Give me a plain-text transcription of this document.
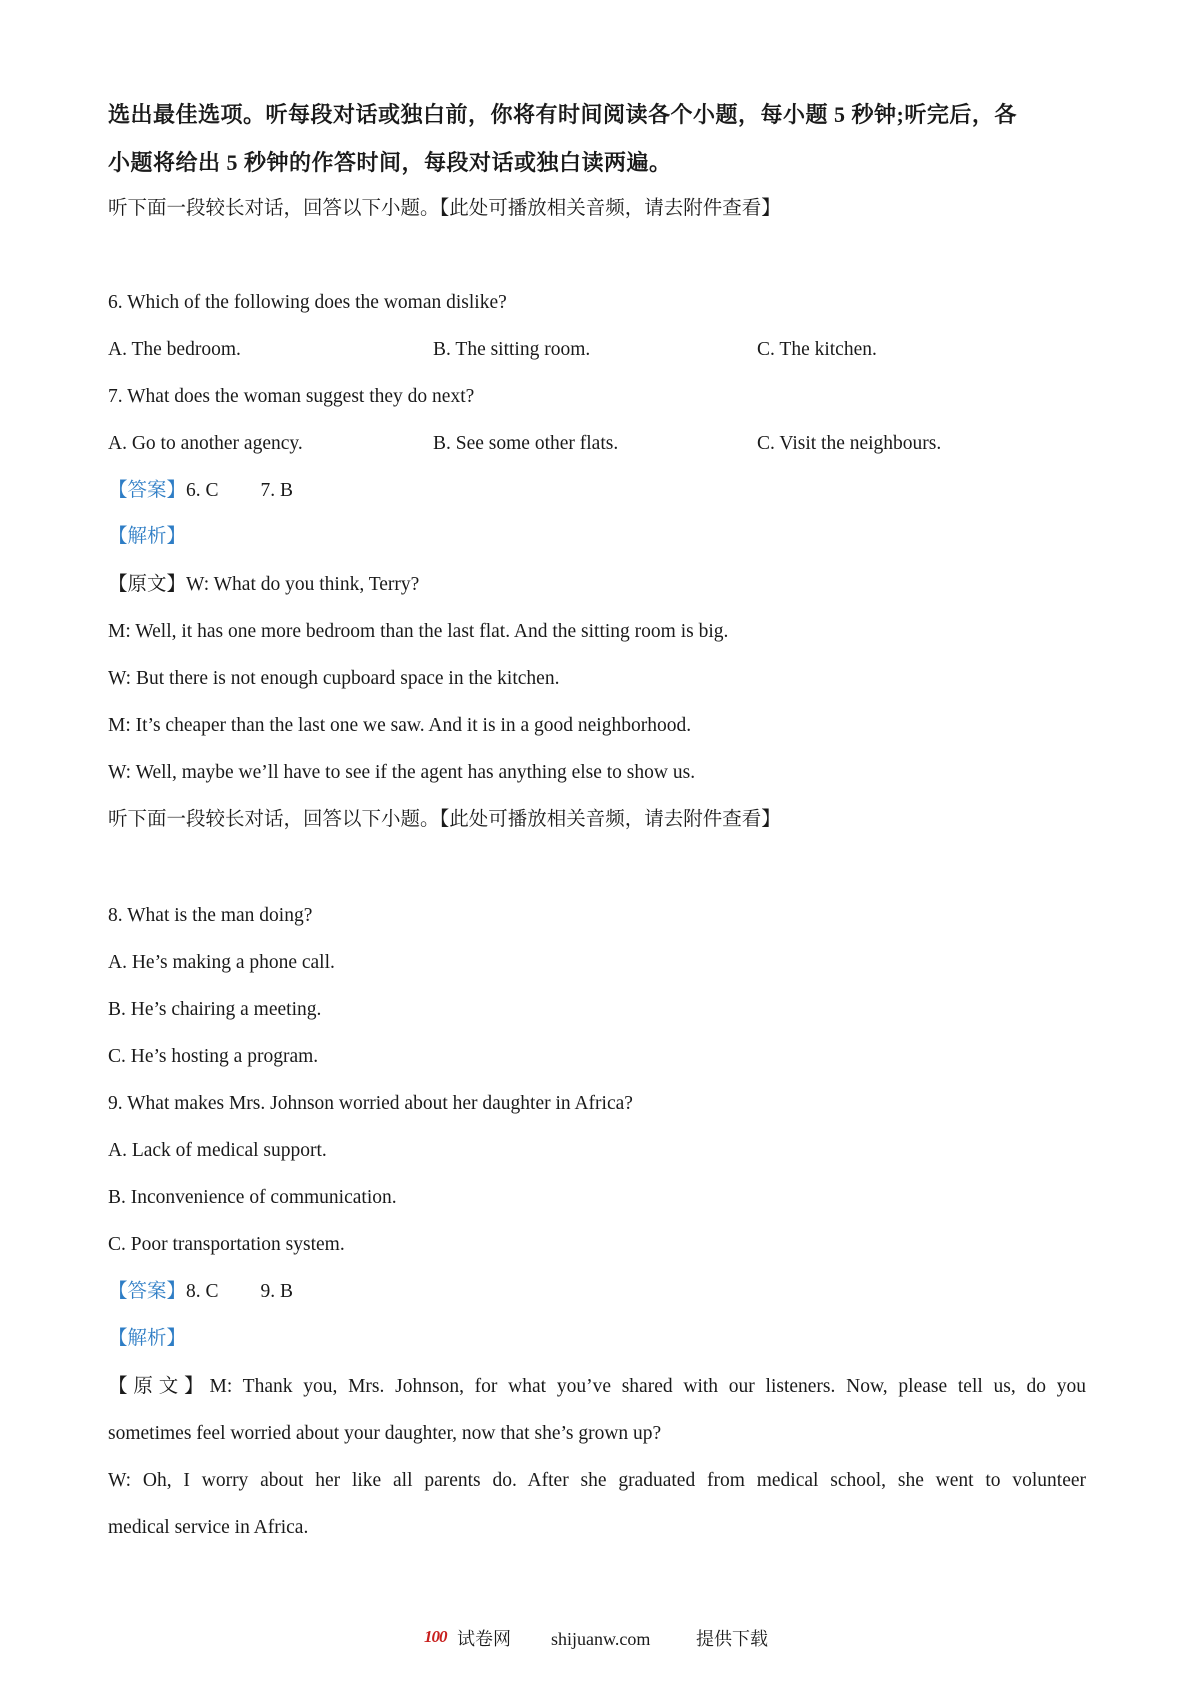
选出最佳选项。听每段对话或独白前，你将有时间阅读各个小题，每小题 5 秒钟;听完后，各
小题将给出 5 秒钟的作答时间，每段对话或独白读两遍。
听下面一段较长对话，回答以下小题。【此处可播放相关音频，请去附件查看】
6. Which of the following does the woman dislike?
A. The bedroom.	B. The sitting room.	C. The kitchen.
7. What does the woman suggest they do next?
A. Go to another agency.	B. See some other flats.	C. Visit the neighbours.
【答案】6. C 7. B
【解析】
【原文】W: What do you think, Terry?
M: Well, it has one more bedroom than the last flat. And the sitting room is big.
W: But there is not enough cupboard space in the kitchen.
M: It’s cheaper than the last one we saw. And it is in a good neighborhood.
W: Well, maybe we’ll have to see if the agent has anything else to show us.
听下面一段较长对话，回答以下小题。【此处可播放相关音频，请去附件查看】
8. What is the man doing?
A. He’s making a phone call.
B. He’s chairing a meeting.
C. He’s hosting a program.
9. What makes Mrs. Johnson worried about her daughter in Africa?
A. Lack of medical support.
B. Inconvenience of communication.
C. Poor transportation system.
【答案】8. C 9. B
【解析】
【原文】M: Thank you, Mrs. Johnson, for what you’ve shared with our listeners. Now, please tell us, do you
sometimes feel worried about your daughter, now that she’s grown up?
W: Oh, I worry about her like all parents do. After she graduated from medical school, she went to volunteer
medical service in Africa.
100 试卷网 shijuanw.com	提供下载
